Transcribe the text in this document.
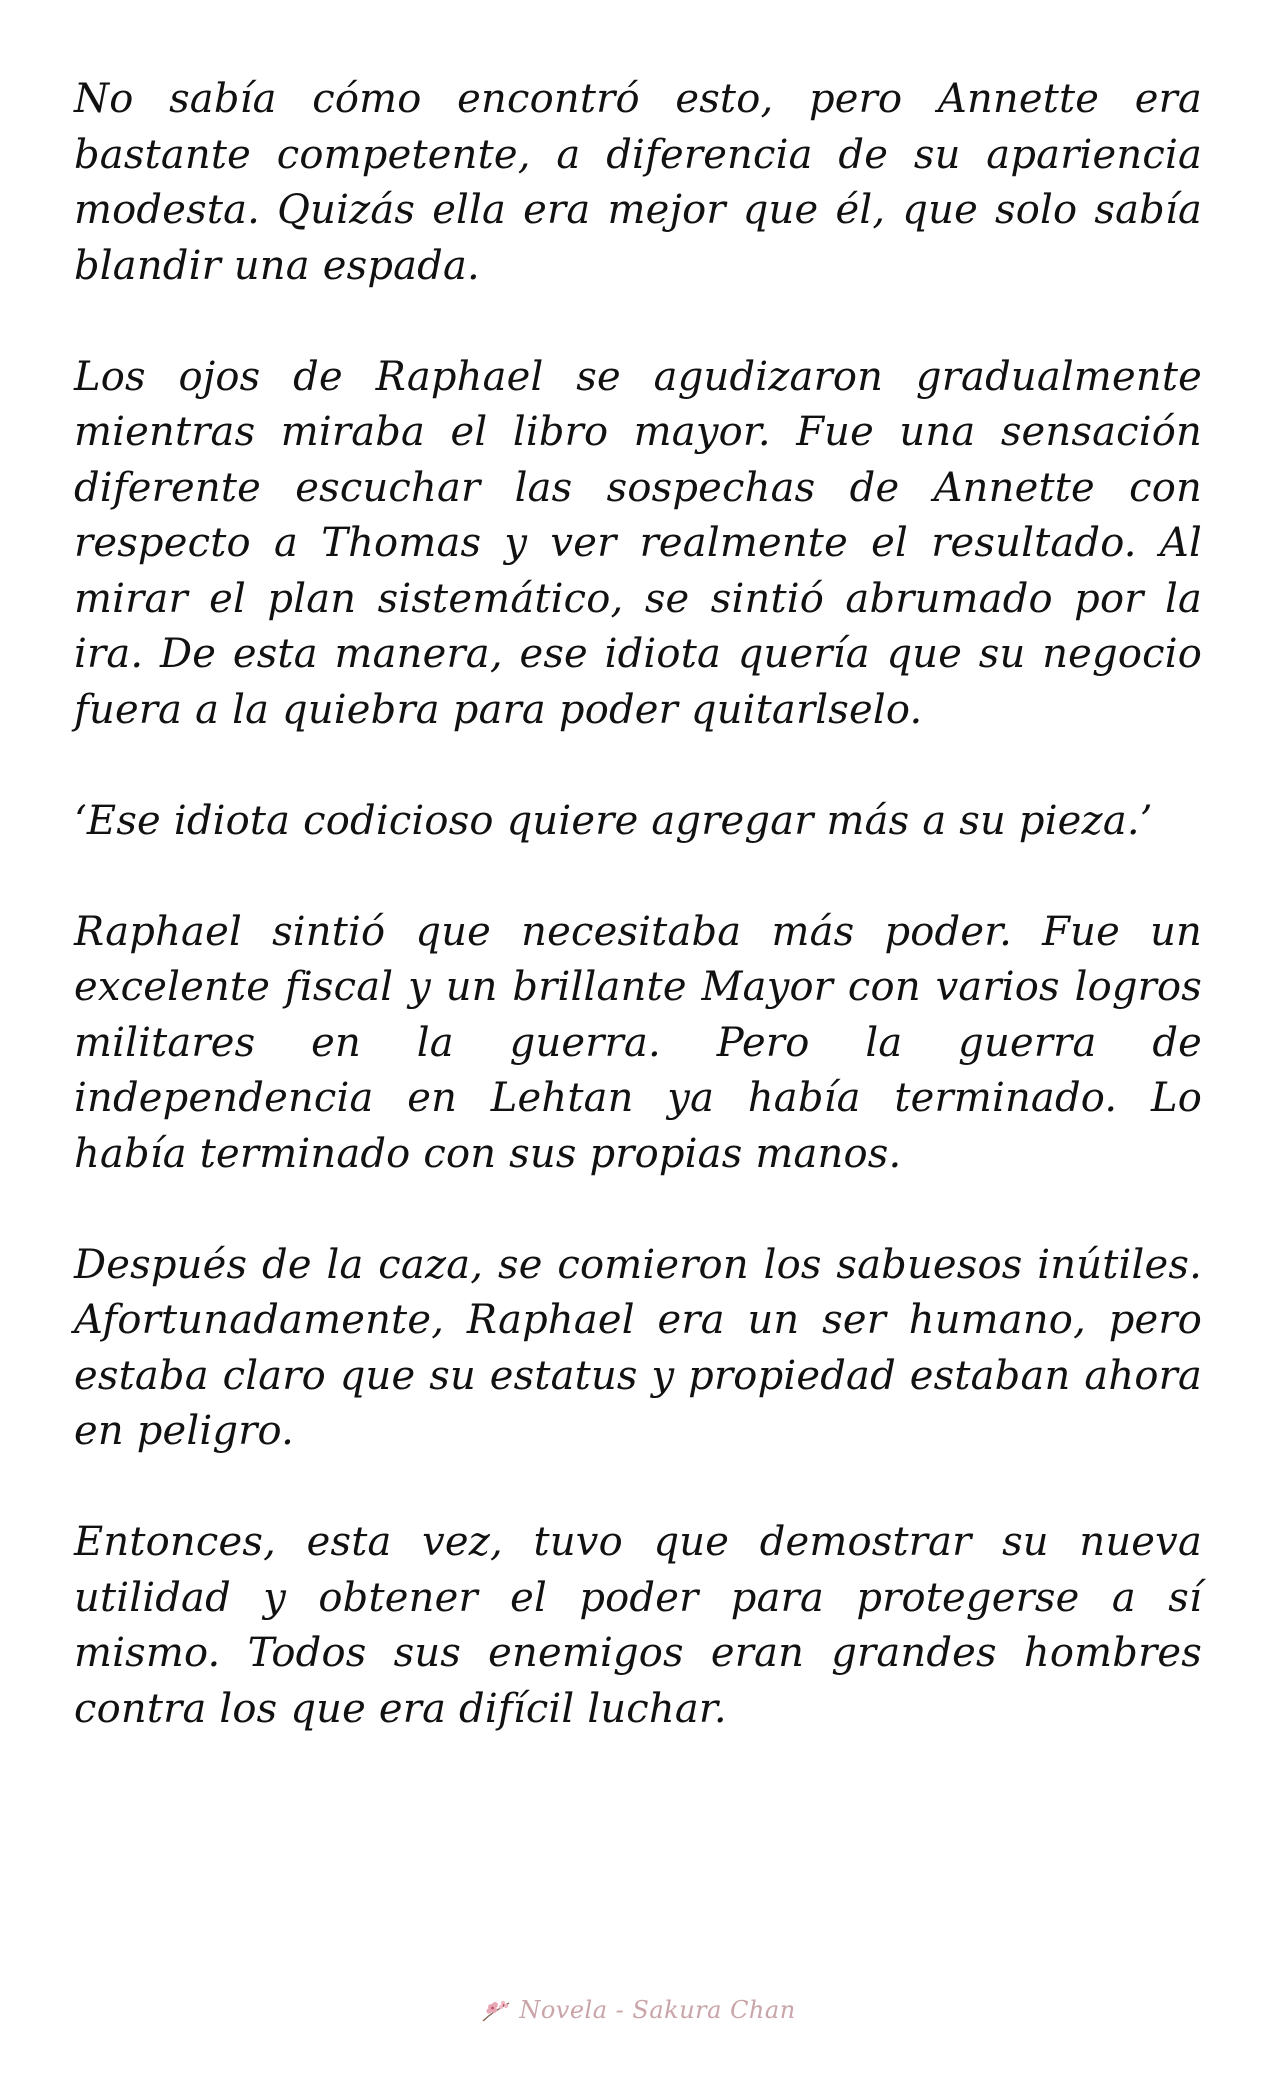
No sabía cómo encontró esto, pero Annette era bastante competente, a diferencia de su apariencia modesta. Quizás ella era mejor que él, que solo sabía blandir una espada.

Los ojos de Raphael se agudizaron gradualmente mientras miraba el libro mayor. Fue una sensación diferente escuchar las sospechas de Annette con respecto a Thomas y ver realmente el resultado. Al mirar el plan sistemático, se sintió abrumado por la ira. De esta manera, ese idiota quería que su negocio fuera a la quiebra para poder quitarlselo.

‘Ese idiota codicioso quiere agregar más a su pieza.’

Raphael sintió que necesitaba más poder. Fue un excelente fiscal y un brillante Mayor con varios logros militares en la guerra. Pero la guerra de independencia en Lehtan ya había terminado. Lo había terminado con sus propias manos.

Después de la caza, se comieron los sabuesos inútiles. Afortunadamente, Raphael era un ser humano, pero estaba claro que su estatus y propiedad estaban ahora en peligro.

Entonces, esta vez, tuvo que demostrar su nueva utilidad y obtener el poder para protegerse a sí mismo. Todos sus enemigos eran grandes hombres contra los que era difícil luchar.

Novela - Sakura Chan
